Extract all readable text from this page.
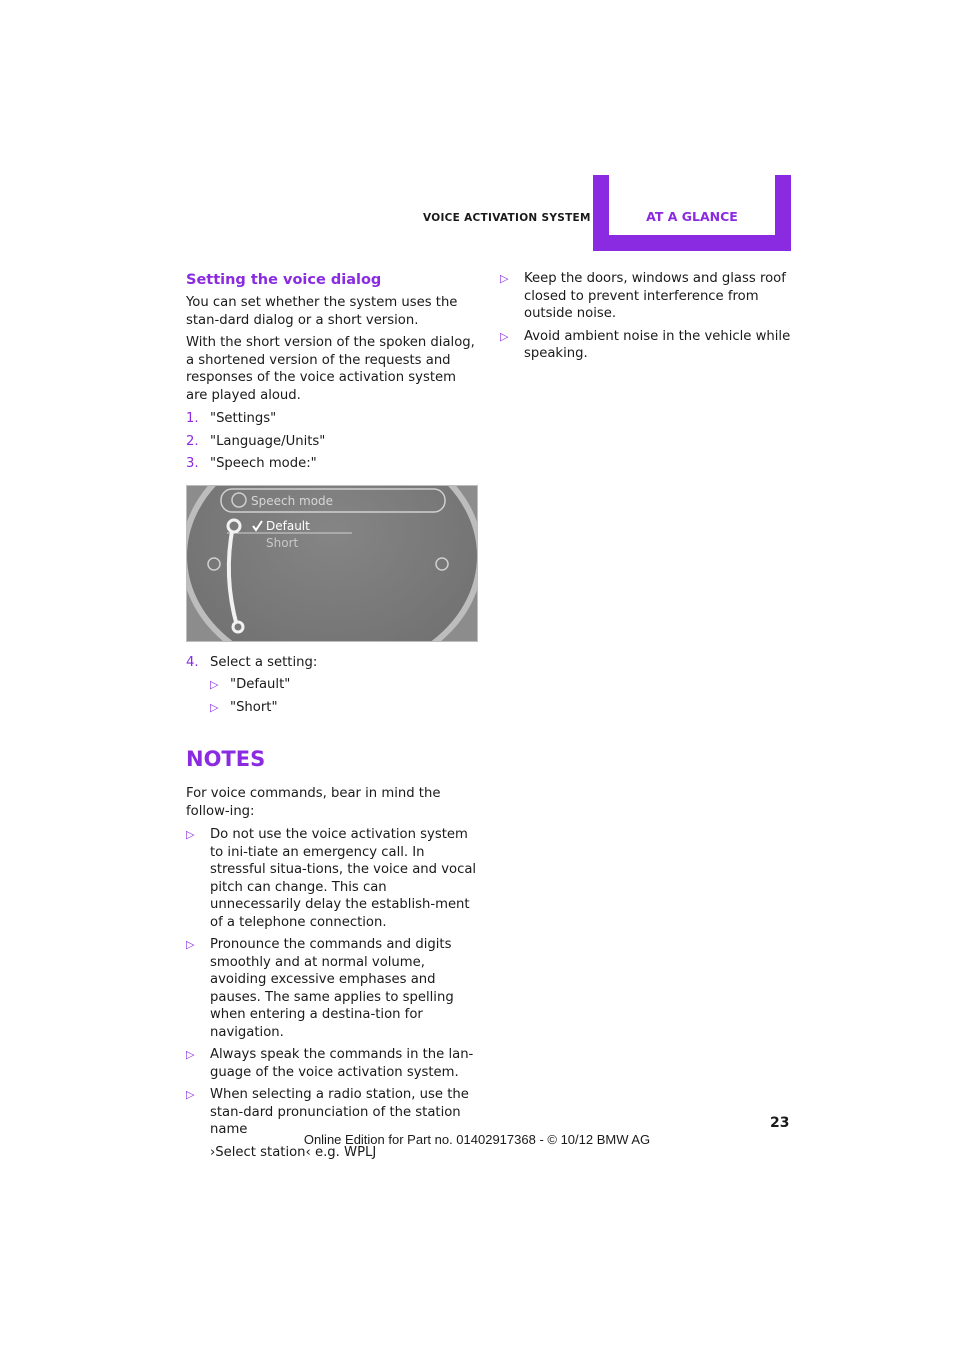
VOICE ACTIVATION SYSTEM	AT A GLANCE
Setting the voice dialog

You can set whether the system uses the stan-dard dialog or a short version.

With the short version of the spoken dialog, a shortened version of the requests and responses of the voice activation system are played aloud.

1. "Settings"
2. "Language/Units"
3. "Speech mode:"
Speech mode
Default
Short
4. Select a setting:
▷ "Default"
▷ "Short"
NOTES

For voice commands, bear in mind the follow-ing:

▷	Do not use the voice activation system to ini-tiate an emergency call. In stressful situa-tions, the voice and vocal pitch can change. This can unnecessarily delay the establish-ment of a telephone connection.
▷	Pronounce the commands and digits smoothly and at normal volume, avoiding excessive emphases and pauses. The same applies to spelling when entering a destina-tion for navigation.
▷	Always speak the commands in the lan-guage of the voice activation system.
▷	When selecting a radio station, use the stan-dard pronunciation of the station name

›Select station‹ e.g. WPLJ

▷	Keep the doors, windows and glass roof closed to prevent interference from outside noise.
▷	Avoid ambient noise in the vehicle while speaking.
23
Online Edition for Part no. 01402917368 - © 10/12 BMW AG
